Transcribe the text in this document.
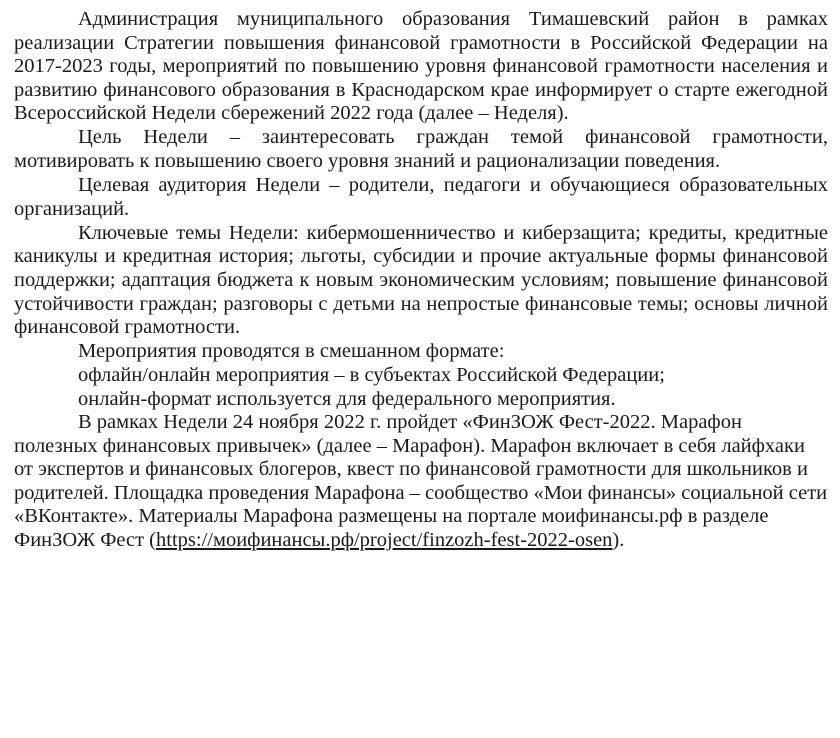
Администрация муниципального образования Тимашевский район в рамках реализации Стратегии повышения финансовой грамотности в Российской Федерации на 2017-2023 годы, мероприятий по повышению уровня финансовой грамотности населения и развитию финансового образования в Краснодарском крае информирует о старте ежегодной Всероссийской Недели сбережений 2022 года (далее – Неделя).

Цель Недели – заинтересовать граждан темой финансовой грамотности, мотивировать к повышению своего уровня знаний и рационализации поведения.

Целевая аудитория Недели – родители, педагоги и обучающиеся образовательных организаций.

Ключевые темы Недели: кибермошенничество и киберзащита; кредиты, кредитные каникулы и кредитная история; льготы, субсидии и прочие актуальные формы финансовой поддержки; адаптация бюджета к новым экономическим условиям; повышение финансовой устойчивости граждан; разговоры с детьми на непростые финансовые темы; основы личной финансовой грамотности.

Мероприятия проводятся в смешанном формате:

офлайн/онлайн мероприятия – в субъектах Российской Федерации;

онлайн-формат используется для федерального мероприятия.

В рамках Недели 24 ноября 2022 г. пройдет «ФинЗОЖ Фест-2022. Марафон полезных финансовых привычек» (далее – Марафон). Марафон включает в себя лайфхаки от экспертов и финансовых блогеров, квест по финансовой грамотности для школьников и родителей. Площадка проведения Марафона – сообщество «Мои финансы» социальной сети «ВКонтакте». Материалы Марафона размещены на портале моифинансы.рф в разделе ФинЗОЖ Фест (https://моифинансы.рф/project/finzozh-fest-2022-osen).
